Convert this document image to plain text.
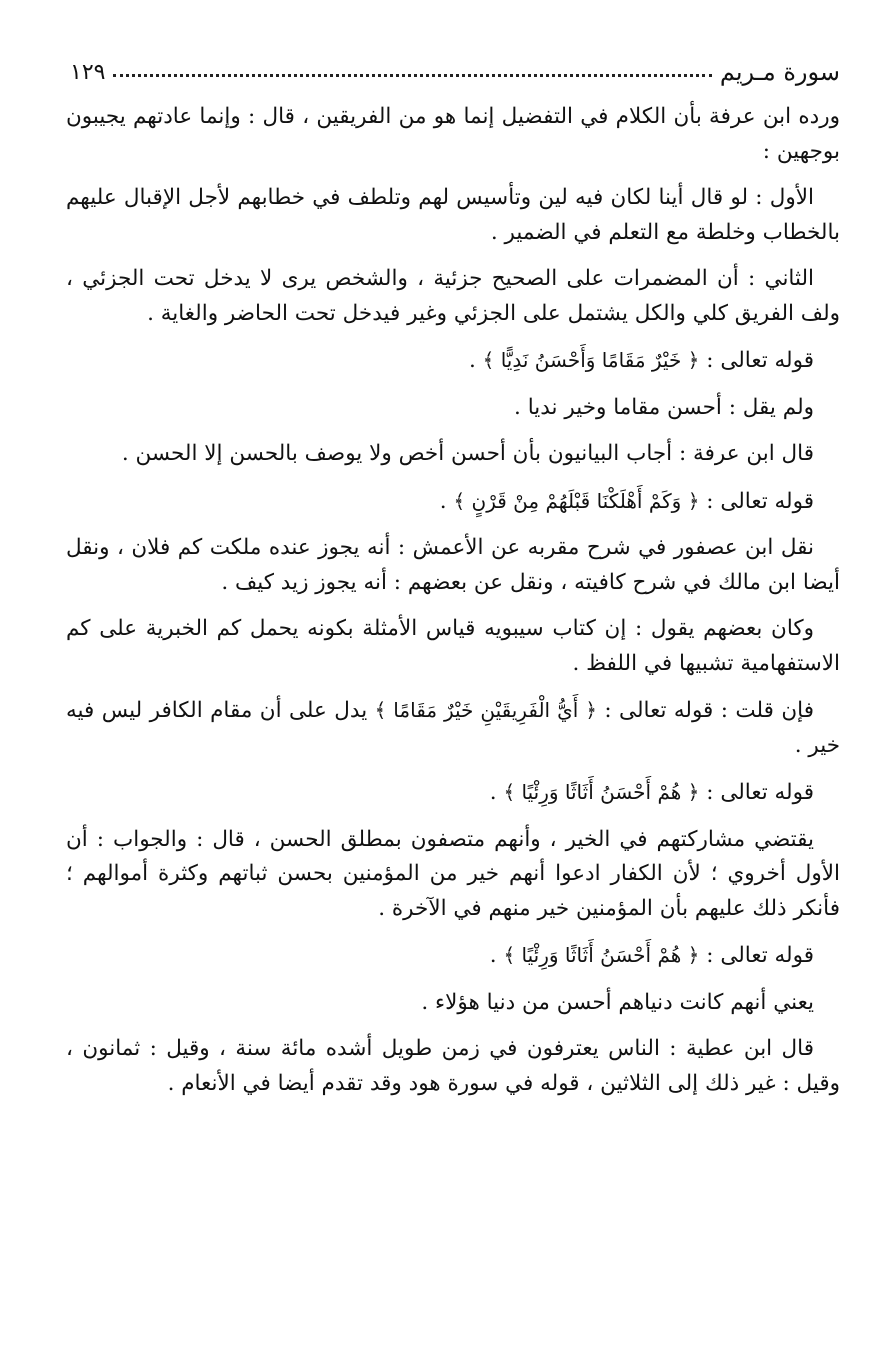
سورة مـريم
١٢٩

ورده ابن عرفة بأن الكلام في التفضيل إنما هو من الفريقين ، قال : وإنما عادتهم يجيبون بوجهين :

الأول : لو قال أينا لكان فيه لين وتأسيس لهم وتلطف في خطابهم لأجل الإقبال عليهم بالخطاب وخلطة مع التعلم في الضمير .

الثاني : أن المضمرات على الصحيح جزئية ، والشخص يرى لا يدخل تحت الجزئي ، ولف الفريق كلي والكل يشتمل على الجزئي وغير فيدخل تحت الحاضر والغاية .

قوله تعالى : ﴿ خَيْرٌ مَقَامًا وَأَحْسَنُ نَدِيًّا ﴾ .

ولم يقل : أحسن مقاما وخير نديا .

قال ابن عرفة : أجاب البيانيون بأن أحسن أخص ولا يوصف بالحسن إلا الحسن .

قوله تعالى : ﴿ وَكَمْ أَهْلَكْنَا قَبْلَهُمْ مِنْ قَرْنٍ ﴾ .

نقل ابن عصفور في شرح مقربه عن الأعمش : أنه يجوز عنده ملكت كم فلان ، ونقل أيضا ابن مالك في شرح كافيته ، ونقل عن بعضهم : أنه يجوز زيد كيف .

وكان بعضهم يقول : إن كتاب سيبويه قياس الأمثلة بكونه يحمل كم الخبرية على كم الاستفهامية تشبيها في اللفظ .

فإن قلت : قوله تعالى : ﴿ أَيُّ الْفَرِيقَيْنِ خَيْرٌ مَقَامًا ﴾ يدل على أن مقام الكافر ليس فيه خير .

قوله تعالى : ﴿ هُمْ أَحْسَنُ أَثَاثًا وَرِئْيًا ﴾ .

يقتضي مشاركتهم في الخير ، وأنهم متصفون بمطلق الحسن ، قال : والجواب : أن الأول أخروي ؛ لأن الكفار ادعوا أنهم خير من المؤمنين بحسن ثباتهم وكثرة أموالهم ؛ فأنكر ذلك عليهم بأن المؤمنين خير منهم في الآخرة .

قوله تعالى : ﴿ هُمْ أَحْسَنُ أَثَاثًا وَرِئْيًا ﴾ .

يعني أنهم كانت دنياهم أحسن من دنيا هؤلاء .

قال ابن عطية : الناس يعترفون في زمن طويل أشده مائة سنة ، وقيل : ثمانون ، وقيل : غير ذلك إلى الثلاثين ، قوله في سورة هود وقد تقدم أيضا في الأنعام .
